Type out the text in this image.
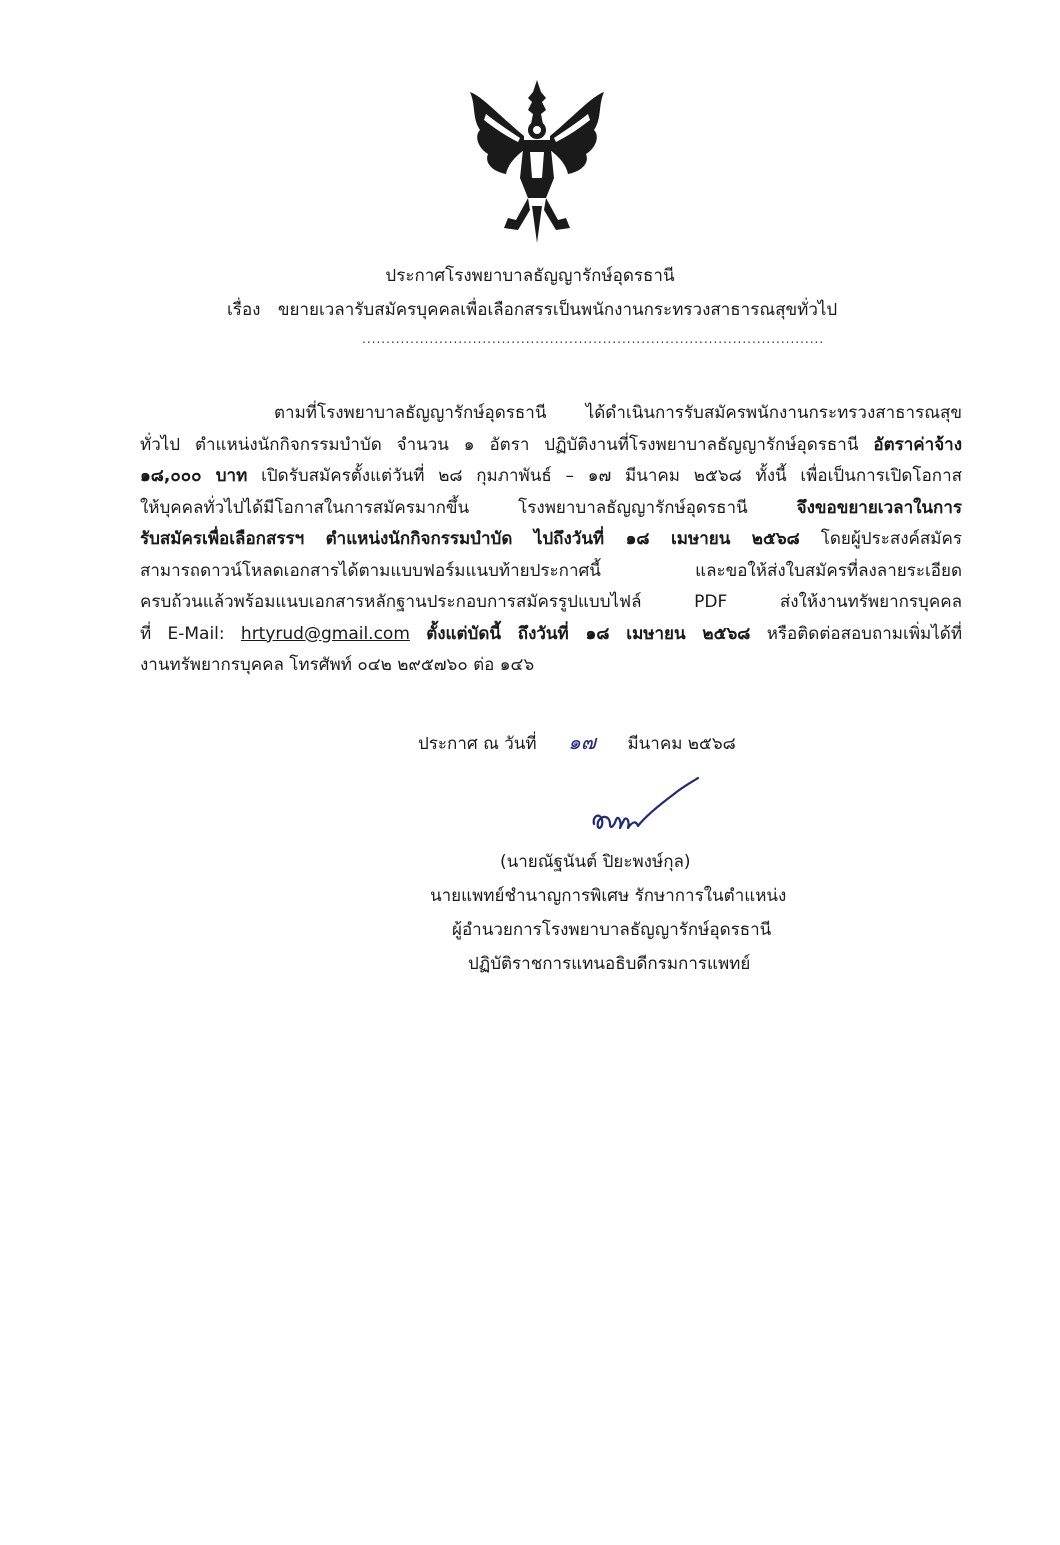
ประกาศโรงพยาบาลธัญญารักษ์อุดรธานี
เรื่อง ขยายเวลารับสมัครบุคคลเพื่อเลือกสรรเป็นพนักงานกระทรวงสาธารณสุขทั่วไป
................................................................................................
ตามที่โรงพยาบาลธัญญารักษ์อุดรธานี ได้ดำเนินการรับสมัครพนักงานกระทรวงสาธารณสุข
ทั่วไป ตำแหน่งนักกิจกรรมบำบัด จำนวน ๑ อัตรา ปฏิบัติงานที่โรงพยาบาลธัญญารักษ์อุดรธานี อัตราค่าจ้าง
๑๘,๐๐๐ บาท เปิดรับสมัครตั้งแต่วันที่ ๒๘ กุมภาพันธ์ – ๑๗ มีนาคม ๒๕๖๘ ทั้งนี้ เพื่อเป็นการเปิดโอกาส
ให้บุคคลทั่วไปได้มีโอกาสในการสมัครมากขึ้น โรงพยาบาลธัญญารักษ์อุดรธานี	จึงขอขยายเวลาในการ
รับสมัครเพื่อเลือกสรรฯ ตำแหน่งนักกิจกรรมบำบัด ไปถึงวันที่ ๑๘ เมษายน ๒๕๖๘ โดยผู้ประสงค์สมัคร
สามารถดาวน์โหลดเอกสารได้ตามแบบฟอร์มแนบท้ายประกาศนี้ และขอให้ส่งใบสมัครที่ลงลายระเอียด
ครบถ้วนแล้วพร้อมแนบเอกสารหลักฐานประกอบการสมัครรูปแบบไฟล์ PDF ส่งให้งานทรัพยากรบุคคล
ที่ E-Mail: hrtyrud@gmail.com ตั้งแต่บัดนี้ ถึงวันที่ ๑๘ เมษายน ๒๕๖๘ หรือติดต่อสอบถามเพิ่มได้ที่
งานทรัพยากรบุคคล โทรศัพท์ ๐๔๒ ๒๙๕๗๖๐ ต่อ ๑๔๖
ประกาศ ณ วันที่ ๑๗ มีนาคม ๒๕๖๘
(นายณัฐนันต์ ปิยะพงษ์กุล)
นายแพทย์ชำนาญการพิเศษ รักษาการในตำแหน่ง
ผู้อำนวยการโรงพยาบาลธัญญารักษ์อุดรธานี
ปฏิบัติราชการแทนอธิบดีกรมการแพทย์
